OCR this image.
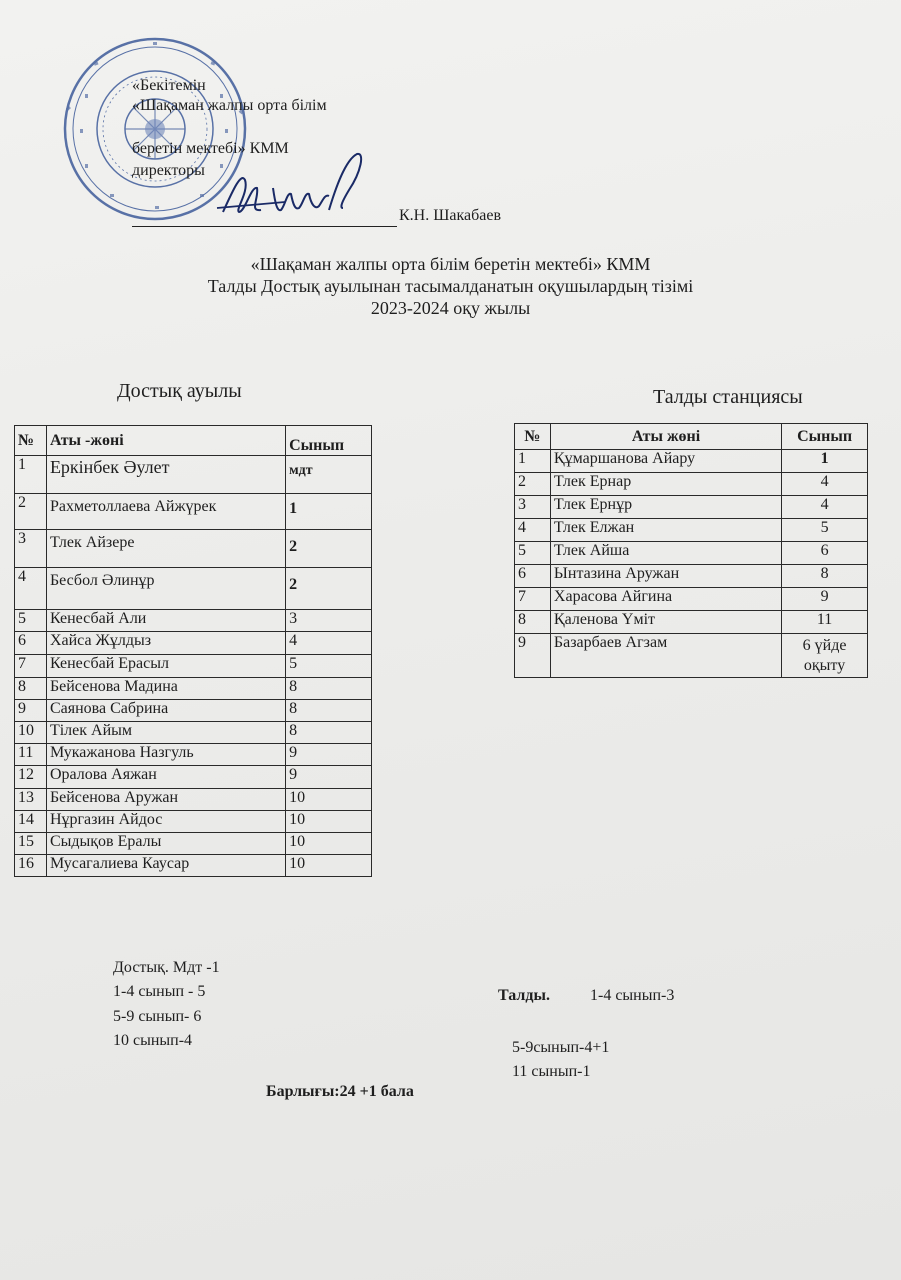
«Бекітемін
«Шақаман жалпы орта білім
беретін мектебі» КММ
директоры
К.Н. Шакабаев
«Шақаман жалпы орта білім беретін мектебі» КММ
Талды Достық ауылынан тасымалданатын оқушылардың тізімі
2023-2024 оқу жылы
Достық ауылы	Талды станциясы
№	Аты -жөні	Сынып
1	Еркінбек Әулет	мдт
2	Рахметоллаева Айжүрек	1
3	Тлек Айзере	2
4	Бесбол Әлинұр	2
5	Кенесбай Али	3
6	Хайса Жұлдыз	4
7	Кенесбай Ерасыл	5
8	Бейсенова Мадина	8
9	Саянова Сабрина	8
10	Тілек Айым	8
11	Мукажанова Назгуль	9
12	Оралова Аяжан	9
13	Бейсенова Аружан	10
14	Нұргазин Айдос	10
15	Сыдықов Ералы	10
16	Мусагалиева Каусар	10
№	Аты жөні	Сынып
1	Құмаршанова Айару	1
2	Тлек Ернар	4
3	Тлек Ернұр	4
4	Тлек Елжан	5
5	Тлек Айша	6
6	Ынтазина Аружан	8
7	Харасова Айгина	9
8	Қаленова Үміт	11
9	Базарбаев Агзам	6 үйде оқыту
Достық. Мдт -1
1-4 сынып - 5
5-9 сынып- 6
10 сынып-4
Талды.	1-4 сынып-3
5-9сынып-4+1
11 сынып-1
Барлығы:24 +1 бала
